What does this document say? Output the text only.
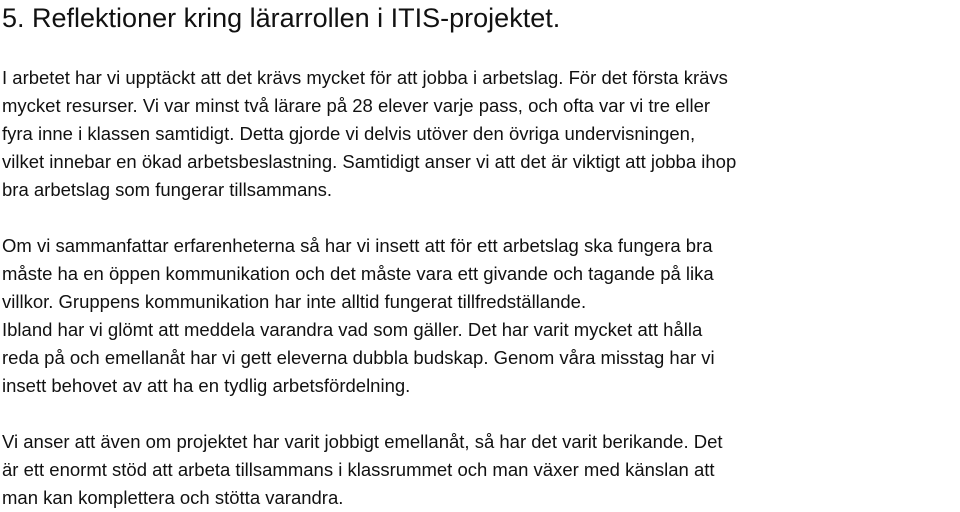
5. Reflektioner kring lärarrollen i ITIS-projektet.

I arbetet har vi upptäckt att det krävs mycket för att jobba i arbetslag. För det första krävs
mycket resurser. Vi var minst två lärare på 28 elever varje pass, och ofta var vi tre eller
fyra inne i klassen samtidigt. Detta gjorde vi delvis utöver den övriga undervisningen,
vilket innebar en ökad arbetsbeslastning. Samtidigt anser vi att det är viktigt att jobba ihop
bra arbetslag som fungerar tillsammans.

Om vi sammanfattar erfarenheterna så har vi insett att för ett arbetslag ska fungera bra
måste ha en öppen kommunikation och det måste vara ett givande och tagande på lika
villkor. Gruppens kommunikation har inte alltid fungerat tillfredställande.
Ibland har vi glömt att meddela varandra vad som gäller. Det har varit mycket att hålla
reda på och emellanåt har vi gett eleverna dubbla budskap. Genom våra misstag har vi
insett behovet av att ha en tydlig arbetsfördelning.

Vi anser att även om projektet har varit jobbigt emellanåt, så har det varit berikande. Det
är ett enormt stöd att arbeta tillsammans i klassrummet och man växer med känslan att
man kan komplettera och stötta varandra.
